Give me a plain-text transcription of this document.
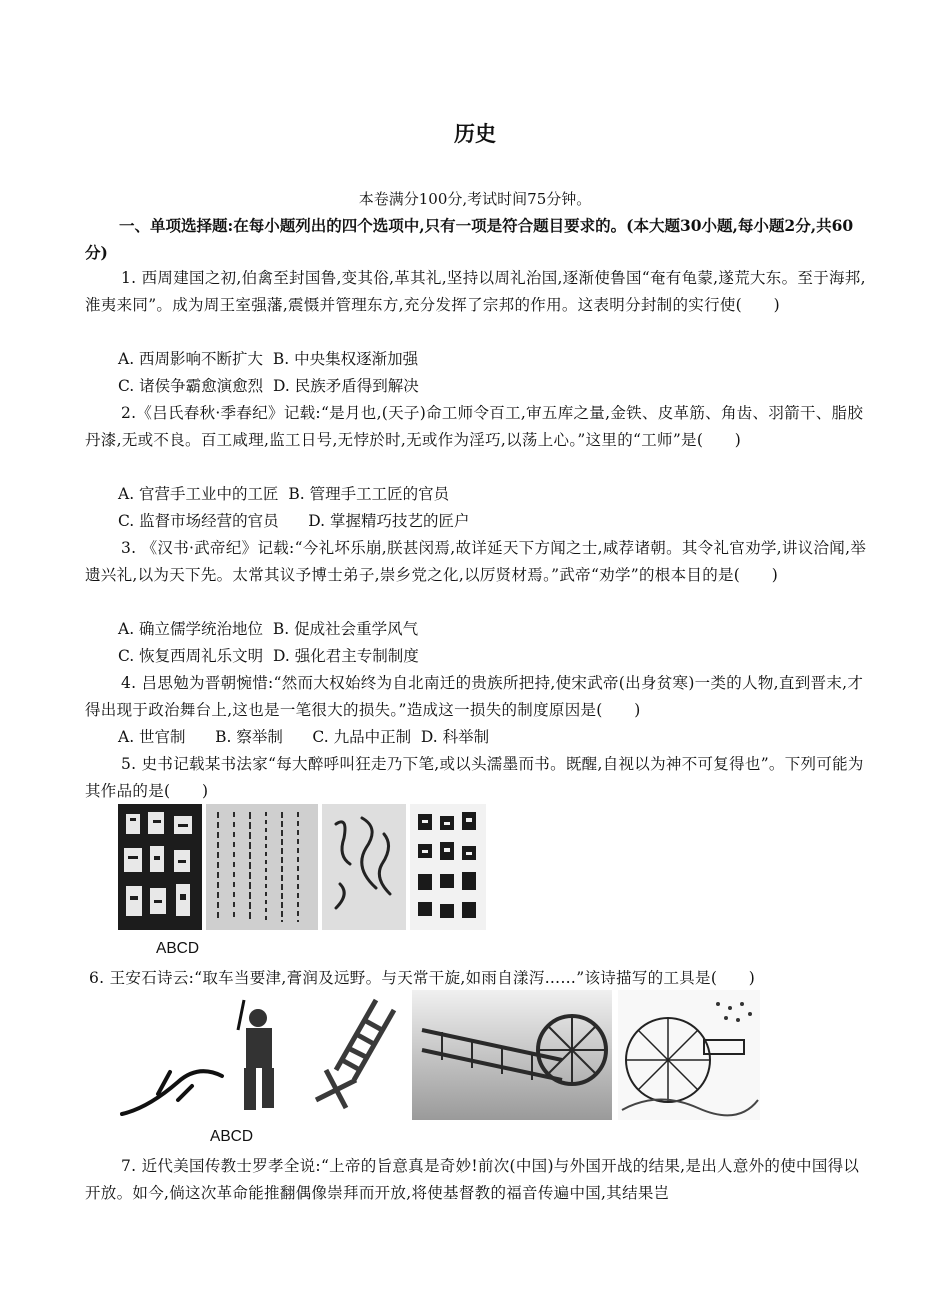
历史
本卷满分100分,考试时间75分钟。
一、单项选择题:在每小题列出的四个选项中,只有一项是符合题目要求的。(本大题30小题,每小题2分,共60分)
1. 西周建国之初,伯禽至封国鲁,变其俗,革其礼,坚持以周礼治国,逐渐使鲁国“奄有龟蒙,遂荒大东。至于海邦,淮夷来同”。成为周王室强藩,震慑并管理东方,充分发挥了宗邦的作用。这表明分封制的实行使(　　)
A. 西周影响不断扩大  B. 中央集权逐渐加强
C. 诸侯争霸愈演愈烈  D. 民族矛盾得到解决
2.《吕氏春秋·季春纪》记载:“是月也,(天子)命工师令百工,审五库之量,金铁、皮革筋、角齿、羽箭干、脂胶丹漆,无或不良。百工咸理,监工日号,无悖於时,无或作为淫巧,以荡上心。”这里的“工师”是(　　)
A. 官营手工业中的工匠  B. 管理手工工匠的官员
C. 监督市场经营的官员      D. 掌握精巧技艺的匠户
3. 《汉书·武帝纪》记载:“今礼坏乐崩,朕甚闵焉,故详延天下方闻之士,咸荐诸朝。其令礼官劝学,讲议洽闻,举遗兴礼,以为天下先。太常其议予博士弟子,崇乡党之化,以厉贤材焉。”武帝“劝学”的根本目的是(　　)
A. 确立儒学统治地位  B. 促成社会重学风气
C. 恢复西周礼乐文明  D. 强化君主专制制度
4. 吕思勉为晋朝惋惜:“然而大权始终为自北南迁的贵族所把持,使宋武帝(出身贫寒)一类的人物,直到晋末,才得出现于政治舞台上,这也是一笔很大的损失。”造成这一损失的制度原因是(　　)
A. 世官制      B. 察举制      C. 九品中正制  D. 科举制
5. 史书记载某书法家“每大醉呼叫狂走乃下笔,或以头濡墨而书。既醒,自视以为神不可复得也”。下列可能为其作品的是(　　)
ABCD
6. 王安石诗云:“取车当要津,膏润及远野。与天常干旋,如雨自漾泻……”该诗描写的工具是(　　)
ABCD
7. 近代美国传教士罗孝全说:“上帝的旨意真是奇妙!前次(中国)与外国开战的结果,是出人意外的使中国得以开放。如今,倘这次革命能推翻偶像崇拜而开放,将使基督教的福音传遍中国,其结果岂
